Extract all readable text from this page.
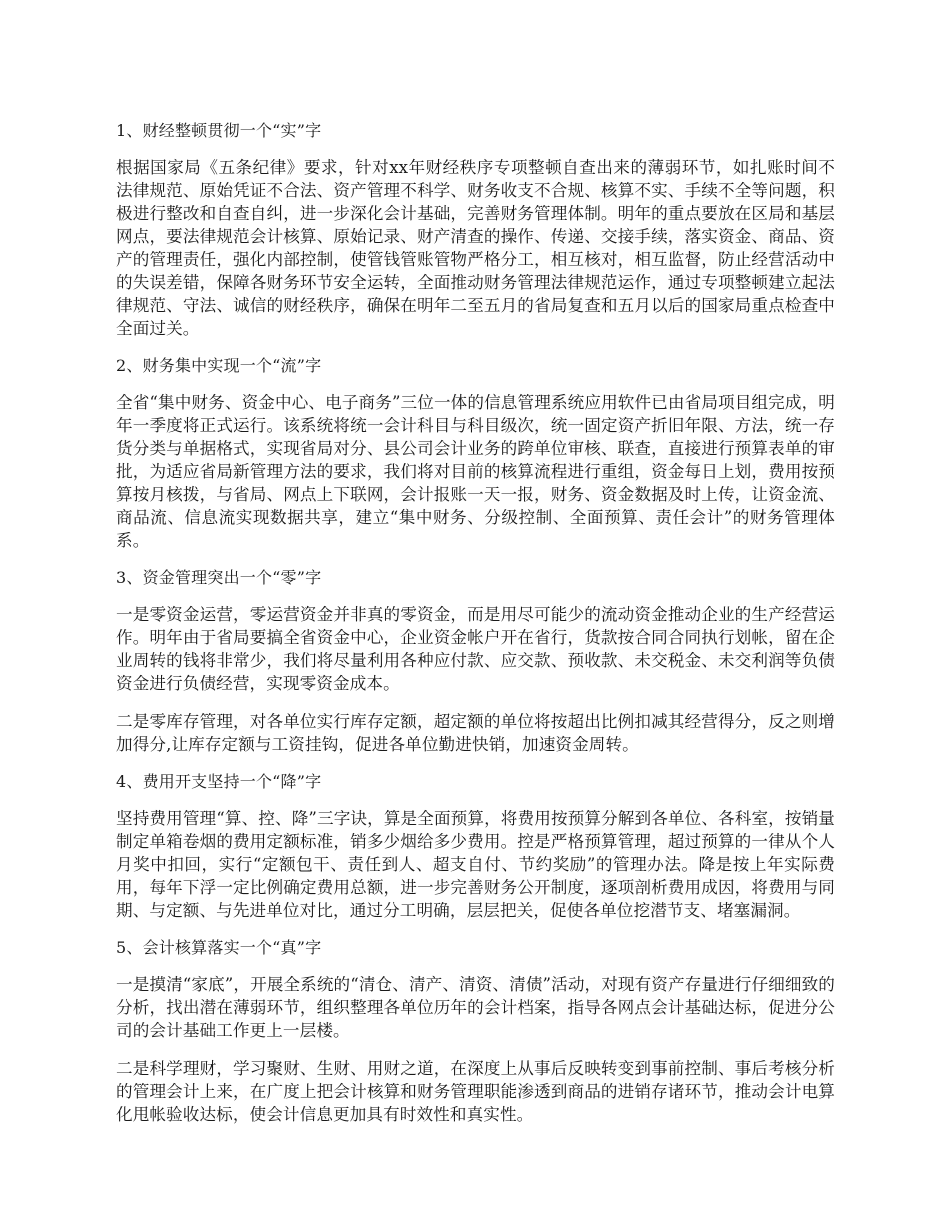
1、财经整顿贯彻一个“实”字

根据国家局《五条纪律》要求，针对xx年财经秩序专项整顿自查出来的薄弱环节，如扎账时间不法律规范、原始凭证不合法、资产管理不科学、财务收支不合规、核算不实、手续不全等问题，积极进行整改和自查自纠，进一步深化会计基础，完善财务管理体制。明年的重点要放在区局和基层网点，要法律规范会计核算、原始记录、财产清查的操作、传递、交接手续，落实资金、商品、资产的管理责任，强化内部控制，使管钱管账管物严格分工，相互核对，相互监督，防止经营活动中的失误差错，保障各财务环节安全运转，全面推动财务管理法律规范运作，通过专项整顿建立起法律规范、守法、诚信的财经秩序，确保在明年二至五月的省局复查和五月以后的国家局重点检查中全面过关。

2、财务集中实现一个“流”字

全省“集中财务、资金中心、电子商务”三位一体的信息管理系统应用软件已由省局项目组完成，明年一季度将正式运行。该系统将统一会计科目与科目级次，统一固定资产折旧年限、方法，统一存货分类与单据格式，实现省局对分、县公司会计业务的跨单位审核、联查，直接进行预算表单的审批，为适应省局新管理方法的要求，我们将对目前的核算流程进行重组，资金每日上划，费用按预算按月核拨，与省局、网点上下联网，会计报账一天一报，财务、资金数据及时上传，让资金流、商品流、信息流实现数据共享，建立“集中财务、分级控制、全面预算、责任会计”的财务管理体系。

3、资金管理突出一个“零”字

一是零资金运营，零运营资金并非真的零资金，而是用尽可能少的流动资金推动企业的生产经营运作。明年由于省局要搞全省资金中心，企业资金帐户开在省行，货款按合同合同执行划帐，留在企业周转的钱将非常少，我们将尽量利用各种应付款、应交款、预收款、未交税金、未交利润等负债资金进行负债经营，实现零资金成本。

二是零库存管理，对各单位实行库存定额，超定额的单位将按超出比例扣减其经营得分，反之则增加得分,让库存定额与工资挂钩，促进各单位勤进快销，加速资金周转。

4、费用开支坚持一个“降”字

坚持费用管理“算、控、降”三字诀，算是全面预算，将费用按预算分解到各单位、各科室，按销量制定单箱卷烟的费用定额标准，销多少烟给多少费用。控是严格预算管理，超过预算的一律从个人月奖中扣回，实行“定额包干、责任到人、超支自付、节约奖励”的管理办法。降是按上年实际费用，每年下浮一定比例确定费用总额，进一步完善财务公开制度，逐项剖析费用成因，将费用与同期、与定额、与先进单位对比，通过分工明确，层层把关，促使各单位挖潜节支、堵塞漏洞。

5、会计核算落实一个“真”字

一是摸清“家底”，开展全系统的“清仓、清产、清资、清债”活动，对现有资产存量进行仔细细致的分析，找出潜在薄弱环节，组织整理各单位历年的会计档案，指导各网点会计基础达标，促进分公司的会计基础工作更上一层楼。

二是科学理财，学习聚财、生财、用财之道，在深度上从事后反映转变到事前控制、事后考核分析的管理会计上来，在广度上把会计核算和财务管理职能渗透到商品的进销存诸环节，推动会计电算化甩帐验收达标，使会计信息更加具有时效性和真实性。
